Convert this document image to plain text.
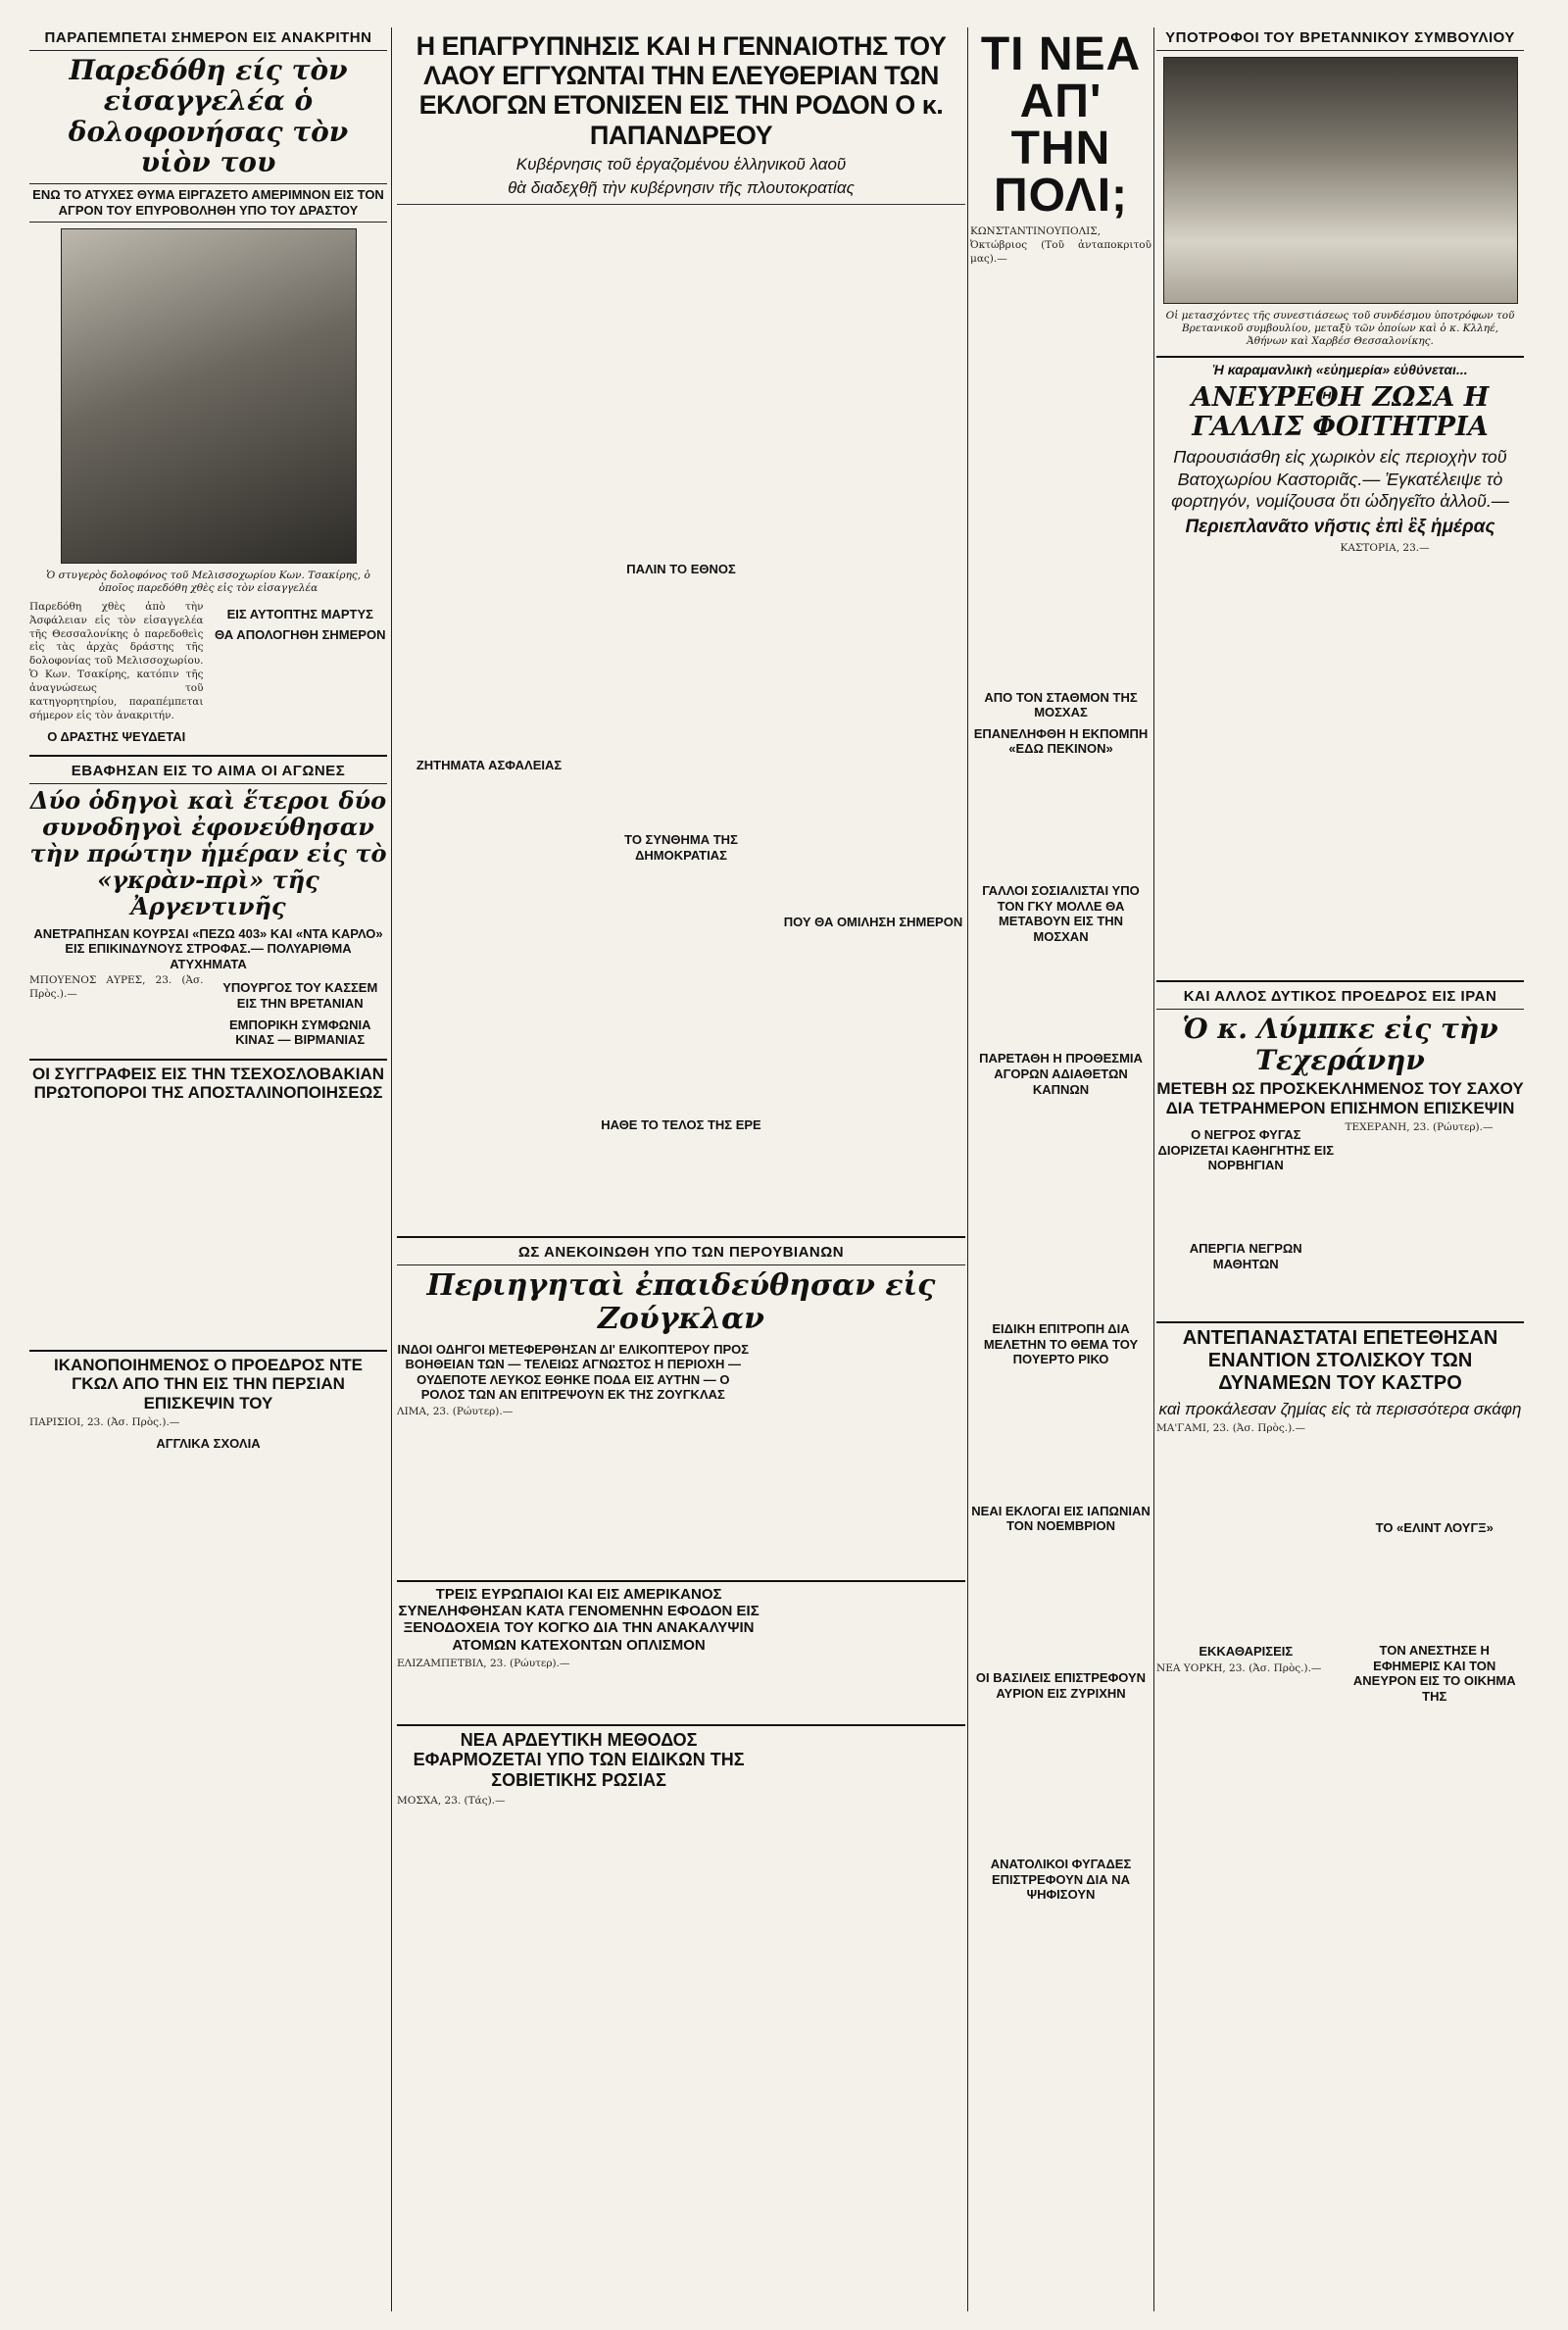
ΠΑΡΑΠΕΜΠΕΤΑΙ ΣΗΜΕΡΟΝ ΕΙΣ ΑΝΑΚΡΙΤΗΝ
Παρεδόθη είς τὸν εἰσαγγελέα ὁ δολοφονήσας τὸν υἱὸν του
ΕΝΩ ΤΟ ΑΤΥΧΕΣ ΘΥΜΑ ΕΙΡΓΑΖΕΤΟ ΑΜΕΡΙΜΝΟΝ ΕΙΣ ΤΟΝ ΑΓΡΟΝ ΤΟΥ ΕΠΥΡΟΒΟΛΗΘΗ ΥΠΟ ΤΟΥ ΔΡΑΣΤΟΥ
Ὁ στυγερὸς δολοφόνος τοῦ Μελισσοχωρίου Κων. Τσακίρης, ὁ ὁποῖος παρεδόθη χθὲς εἰς τὸν εἰσαγγελέα

Παρεδόθη χθὲς ἀπὸ τὴν Ἀσφάλειαν εἰς τὸν εἰσαγγελέα τῆς Θεσσαλονίκης ὁ παρεδοθεὶς εἰς τὰς ἀρχὰς δράστης τῆς δολοφονίας τοῦ Μελισσοχωρίου. Ὁ Κων. Τσακίρης, κατόπιν τῆς ἀναγνώσεως τοῦ κατηγορητηρίου, παραπέμπεται σήμερον εἰς τὸν ἀνακριτήν.

Ο ΔΡΑΣΤΗΣ ΨΕΥΔΕΤΑΙ
ΕΙΣ ΑΥΤΟΠΤΗΣ ΜΑΡΤΥΣ
ΘΑ ΑΠΟΛΟΓΗΘΗ ΣΗΜΕΡΟΝ
ΕΒΑΦΗΣΑΝ ΕΙΣ ΤΟ ΑΙΜΑ ΟΙ ΑΓΩΝΕΣ
Δύο ὁδηγοὶ καὶ ἕτεροι δύο συνοδηγοὶ ἐφονεύθησαν τὴν πρώτην ἡμέραν εἰς τὸ «γκρὰν-πρὶ» τῆς Ἀργεντινῆς
ΑΝΕΤΡΑΠΗΣΑΝ ΚΟΥΡΣΑΙ «ΠΕΖΩ 403» ΚΑΙ «ΝΤΑ ΚΑΡΛΟ» ΕΙΣ ΕΠΙΚΙΝΔΥΝΟΥΣ ΣΤΡΟΦΑΣ.— ΠΟΛΥΑΡΙΘΜΑ ΑΤΥΧΗΜΑΤΑ

ΜΠΟΥΕΝΟΣ ΑΥΡΕΣ, 23. (Ἀσ. Πρὸς.).—	ΥΠΟΥΡΓΟΣ ΤΟΥ ΚΑΣΣΕΜ ΕΙΣ ΤΗΝ ΒΡΕΤΑΝΙΑΝ
ΕΜΠΟΡΙΚΗ ΣΥΜΦΩΝΙΑ ΚΙΝΑΣ — ΒΙΡΜΑΝΙΑΣ
ΟΙ ΣΥΓΓΡΑΦΕΙΣ ΕΙΣ ΤΗΝ ΤΣΕΧΟΣΛΟΒΑΚΙΑΝ ΠΡΩΤΟΠΟΡΟΙ ΤΗΣ ΑΠΟΣΤΑΛΙΝΟΠΟΙΗΣΕΩΣ
ΙΚΑΝΟΠΟΙΗΜΕΝΟΣ Ο ΠΡΟΕΔΡΟΣ ΝΤΕ ΓΚΩΛ ΑΠΟ ΤΗΝ ΕΙΣ ΤΗΝ ΠΕΡΣΙΑΝ ΕΠΙΣΚΕΨΙΝ ΤΟΥ

ΠΑΡΙΣΙΟΙ, 23. (Ἀσ. Πρὸς.).—

ΑΓΓΛΙΚΑ ΣΧΟΛΙΑ
Η ΕΠΑΓΡΥΠΝΗΣΙΣ ΚΑΙ Η ΓΕΝΝΑΙΟΤΗΣ ΤΟΥ ΛΑΟΥ ΕΓΓΥΩΝΤΑΙ ΤΗΝ ΕΛΕΥΘΕΡΙΑΝ ΤΩΝ ΕΚΛΟΓΩΝ ΕΤΟΝΙΣΕΝ ΕΙΣ ΤΗΝ ΡΟΔΟΝ Ο κ. ΠΑΠΑΝΔΡΕΟΥ
Κυβέρνησις τοῦ ἐργαζομένου ἑλληνικοῦ λαοῦ
θὰ διαδεχθῇ τὴν κυβέρνησιν τῆς πλουτοκρατίας
ΖΗΤΗΜΑΤΑ ΑΣΦΑΛΕΙΑΣ
ΠΑΛΙΝ ΤΟ ΕΘΝΟΣ
ΤΟ ΣΥΝΘΗΜΑ ΤΗΣ ΔΗΜΟΚΡΑΤΙΑΣ
ΗΑΘΕ ΤΟ ΤΕΛΟΣ ΤΗΣ ΕΡΕ
ΠΟΥ ΘΑ ΟΜΙΛΗΣΗ ΣΗΜΕΡΟΝ
ΩΣ ΑΝΕΚΟΙΝΩΘΗ ΥΠΟ ΤΩΝ ΠΕΡΟΥΒΙΑΝΩΝ
Περιηγηταὶ ἐπαιδεύθησαν εἰς Ζούγκλαν
ΙΝΔΟΙ ΟΔΗΓΟΙ ΜΕΤΕΦΕΡΘΗΣΑΝ ΔΙ' ΕΛΙΚΟΠΤΕΡΟΥ ΠΡΟΣ ΒΟΗΘΕΙΑΝ ΤΩΝ — ΤΕΛΕΙΩΣ ΑΓΝΩΣΤΟΣ Η ΠΕΡΙΟΧΗ — ΟΥΔΕΠΟΤΕ ΛΕΥΚΟΣ ΕΘΗΚΕ ΠΟΔΑ ΕΙΣ ΑΥΤΗΝ — Ο ΡΟΛΟΣ ΤΩΝ ΑΝ ΕΠΙΤΡΕΨΟΥΝ ΕΚ ΤΗΣ ΖΟΥΓΚΛΑΣ

ΛΙΜΑ, 23. (Ρώυτερ).—

ΤΡΕΙΣ ΕΥΡΩΠΑΙΟΙ ΚΑΙ ΕΙΣ ΑΜΕΡΙΚΑΝΟΣ ΣΥΝΕΛΗΦΘΗΣΑΝ ΚΑΤΑ ΓΕΝΟΜΕΝΗΝ ΕΦΟΔΟΝ ΕΙΣ ΞΕΝΟΔΟΧΕΙΑ ΤΟΥ ΚΟΓΚΟ ΔΙΑ ΤΗΝ ΑΝΑΚΑΛΥΨΙΝ ΑΤΟΜΩΝ ΚΑΤΕΧΟΝΤΩΝ ΟΠΛΙΣΜΟΝ

ΕΛΙΖΑΜΠΕΤΒΙΛ, 23. (Ρώυτερ).—

ΝΕΑ ΑΡΔΕΥΤΙΚΗ ΜΕΘΟΔΟΣ ΕΦΑΡΜΟΖΕΤΑΙ ΥΠΟ ΤΩΝ ΕΙΔΙΚΩΝ ΤΗΣ ΣΟΒΙΕΤΙΚΗΣ ΡΩΣΙΑΣ

ΜΟΣΧΑ, 23. (Τάς).—

ΤΙ ΝΕΑ ΑΠ' ΤΗΝ ΠΟΛΙ;

ΚΩΝΣΤΑΝΤΙΝΟΥΠΟΛΙΣ, Ὀκτώβριος (Τοῦ ἀνταποκριτοῦ μας).—

ΑΠΟ ΤΟΝ ΣΤΑΘΜΟΝ ΤΗΣ ΜΟΣΧΑΣ
ΕΠΑΝΕΛΗΦΘΗ Η ΕΚΠΟΜΠΗ «ΕΔΩ ΠΕΚΙΝΟΝ»
ΓΑΛΛΟΙ ΣΟΣΙΑΛΙΣΤΑΙ ΥΠΟ ΤΟΝ ΓΚΥ ΜΟΛΛΕ ΘΑ ΜΕΤΑΒΟΥΝ ΕΙΣ ΤΗΝ ΜΟΣΧΑΝ
ΠΑΡΕΤΑΘΗ Η ΠΡΟΘΕΣΜΙΑ ΑΓΟΡΩΝ ΑΔΙΑΘΕΤΩΝ ΚΑΠΝΩΝ
ΕΙΔΙΚΗ ΕΠΙΤΡΟΠΗ ΔΙΑ ΜΕΛΕΤΗΝ ΤΟ ΘΕΜΑ ΤΟΥ ΠΟΥΕΡΤΟ ΡΙΚΟ
ΝΕΑΙ ΕΚΛΟΓΑΙ ΕΙΣ ΙΑΠΩΝΙΑΝ ΤΟΝ ΝΟΕΜΒΡΙΟΝ
ΟΙ ΒΑΣΙΛΕΙΣ ΕΠΙΣΤΡΕΦΟΥΝ ΑΥΡΙΟΝ ΕΙΣ ΖΥΡΙΧΗΝ
ΑΝΑΤΟΛΙΚΟΙ ΦΥΓΑΔΕΣ ΕΠΙΣΤΡΕΦΟΥΝ ΔΙΑ ΝΑ ΨΗΦΙΣΟΥΝ
ΥΠΟΤΡΟΦΟΙ ΤΟΥ ΒΡΕΤΑΝΝΙΚΟΥ ΣΥΜΒΟΥΛΙΟΥ
Οἱ μετασχόντες τῆς συνεστιάσεως τοῦ συνδέσμου ὑποτρόφων τοῦ Βρετανικοῦ συμβουλίου, μεταξὺ τῶν ὁποίων καὶ ὁ κ. Κλληέ, Ἀθήνων καὶ Χαρβέσ Θεσσαλονίκης.
Ἡ καραμανλικὴ «εὐημερία» εὐθύνεται...
ΑΝΕΥΡΕΘΗ ΖΩΣΑ Η ΓΑΛΛΙΣ ΦΟΙΤΗΤΡΙΑ
Παρουσιάσθη εἰς χωρικὸν εἰς περιοχὴν τοῦ Βατοχωρίου Καστοριᾶς.— Ἐγκατέλειψε τὸ φορτηγόν, νομίζουσα ὅτι ὡδηγεῖτο ἀλλοῦ.—
Περιεπλανᾶτο νῆστις ἐπὶ ἓξ ἡμέρας

ΚΑΣΤΟΡΙΑ, 23.—

ΚΑΙ ΑΛΛΟΣ ΔΥΤΙΚΟΣ ΠΡΟΕΔΡΟΣ ΕΙΣ ΙΡΑΝ
Ὁ κ. Λύμπκε εἰς τὴν Τεχεράνην
ΜΕΤΕΒΗ ΩΣ ΠΡΟΣΚΕΚΛΗΜΕΝΟΣ ΤΟΥ ΣΑΧΟΥ ΔΙΑ ΤΕΤΡΑΗΜΕΡΟΝ ΕΠΙΣΗΜΟΝ ΕΠΙΣΚΕΨΙΝ
Ο ΝΕΓΡΟΣ ΦΥΓΑΣ ΔΙΟΡΙΖΕΤΑΙ ΚΑΘΗΓΗΤΗΣ ΕΙΣ ΝΟΡΒΗΓΙΑΝ
ΑΠΕΡΓΙΑ ΝΕΓΡΩΝ ΜΑΘΗΤΩΝ

ΤΕΧΕΡΑΝΗ, 23. (Ρώυτερ).—

ΑΝΤΕΠΑΝΑΣΤΑΤΑΙ ΕΠΕΤΕΘΗΣΑΝ ΕΝΑΝΤΙΟΝ ΣΤΟΛΙΣΚΟΥ ΤΩΝ ΔΥΝΑΜΕΩΝ ΤΟΥ ΚΑΣΤΡΟ
καὶ προκάλεσαν ζημίας εἰς τὰ περισσότερα σκάφη

ΜΑ'ΓΑΜΙ, 23. (Ἀσ. Πρὸς.).—

ΕΚΚΑΘΑΡΙΣΕΙΣ

ΝΕΑ ΥΟΡΚΗ, 23. (Ἀσ. Πρὸς.).—

ΤΟ «ΕΛΙΝΤ ΛΟΥΓΞ»
ΤΟΝ ΑΝΕΣΤΗΣΕ Η ΕΦΗΜΕΡΙΣ ΚΑΙ ΤΟΝ ΑΝΕΥΡΟΝ ΕΙΣ ΤΟ ΟΙΚΗΜΑ ΤΗΣ
